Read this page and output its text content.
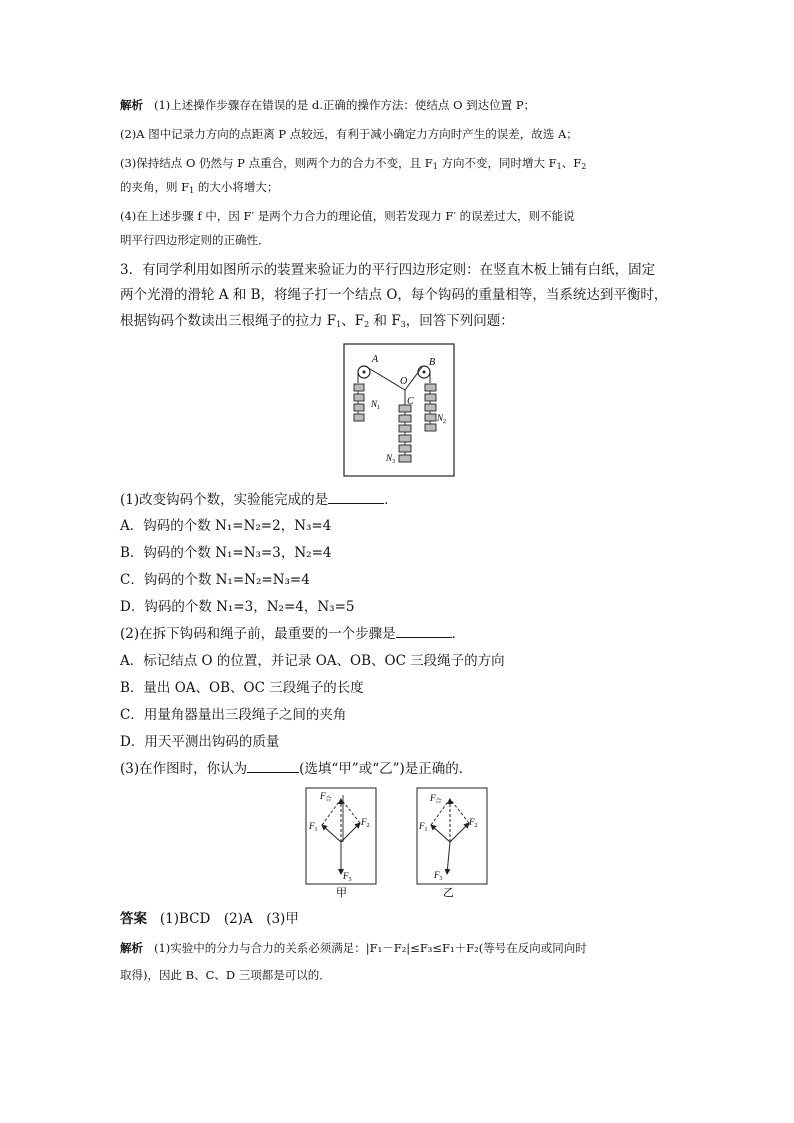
解析 (1)上述操作步骤存在错误的是 d.正确的操作方法：使结点 O 到达位置 P；
(2)A 图中记录力方向的点距离 P 点较远，有利于减小确定力方向时产生的误差，故选 A；
(3)保持结点 O 仍然与 P 点重合，则两个力的合力不变，且 $F_1$ 方向不变，同时增大 $F_1$、$F_2$
的夹角，则 $F_1$ 的大小将增大；
(4)在上述步骤 f 中，因 F′ 是两个力合力的理论值，则若发现力 F′ 的误差过大，则不能说
明平行四边形定则的正确性．
3．有同学利用如图所示的装置来验证力的平行四边形定则：在竖直木板上铺有白纸，固定
两个光滑的滑轮 A 和 B，将绳子打一个结点 O，每个钩码的重量相等，当系统达到平衡时，
根据钩码个数读出三根绳子的拉力 $F_1$、$F_2$ 和 $F_3$，回答下列问题：
A	B
O
C
$N_1$
$N_2$
$N_3$
(1)改变钩码个数，实验能完成的是	．
A．钩码的个数 N₁=N₂=2，N₃=4
B．钩码的个数 N₁=N₃=3，N₂=4
C．钩码的个数 N₁=N₂=N₃=4
D．钩码的个数 N₁=3，N₂=4，N₃=5
(2)在拆下钩码和绳子前，最重要的一个步骤是	．
A．标记结点 O 的位置，并记录 OA、OB、OC 三段绳子的方向
B．量出 OA、OB、OC 三段绳子的长度
C．用量角器量出三段绳子之间的夹角
D．用天平测出钩码的质量
(3)在作图时，你认为	(选填“甲”或“乙”)是正确的．
$F_合$
$F_1$
$F_2$
$F_3$
甲
$F_合$
$F_1$
$F_2$
$F_3$
乙
答案 (1)BCD　(2)A　(3)甲
解析 (1)实验中的分力与合力的关系必须满足：|F₁－F₂|≤F₃≤F₁＋F₂(等号在反向或同向时
取得)，因此 B、C、D 三项都是可以的．
